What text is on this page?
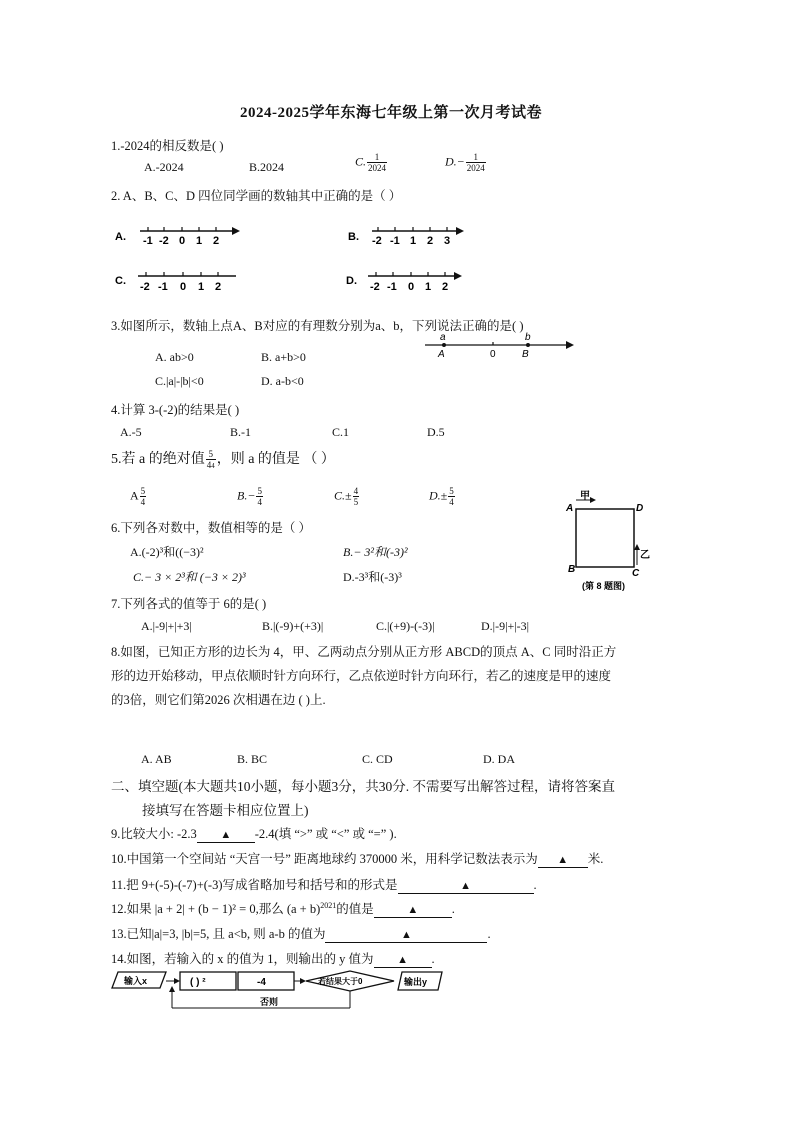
2024-2025学年东海七年级上第一次月考试卷
1.-2024的相反数是( )
A.-2024	B.2024	C. $\frac{1}{2024}$	$D.- \frac{1}{2024}$
2. A、B、C、D 四位同学画的数轴其中正确的是（ ）
A. -1 -2 0 1 2	B. -2 -1 1 2 3
C. -2 -1 0 1 2	D. -2 -1 0 1 2
3.如图所示，数轴上点A、B对应的有理数分别为a、b，下列说法正确的是( )
A. ab>0	B. a+b>0
C.|a|-|b|<0	D. a-b<0
a
A	0
b
B
4.计算 3-(-2)的结果是( )
A.-5	B.-1	C.1	D.5
5.若 a 的绝对值 $\frac{5}{44}$ ，则 a 的值是 （ ）
A $\frac{5}{4}$	$B.- \frac{5}{4}$	$C.\pm \frac{4}{5}$	$D.\pm \frac{5}{4}$	甲
乙
A	D
B	C
(第 8 题图)
6.下列各对数中，数值相等的是（ ）
A.(-2)³和((−3)²	B.− 3²和(-3)²
C.− 3 × 2³和 (−3 × 2)³	D.-3³和(-3)³
7.下列各式的值等于 6的是( )
A.|-9|+|+3|	B.|(-9)+(+3)|	C.|(+9)-(-3)|	D.|-9|+|-3|
8.如图，已知正方形的边长为 4，甲、乙两动点分别从正方形 ABCD的顶点 A、C 同时沿正方
形的边开始移动，甲点依顺时针方向环行，乙点依逆时针方向环行，若乙的速度是甲的速度
的3倍，则它们第2026 次相遇在边 ( )上.
A. AB	B. BC	C. CD	D. DA
二、填空题(本大题共10小题，每小题3分，共30分. 不需要写出解答过程，请将答案直
接填写在答题卡相应位置上)
9.比较大小: -2.3 ▲ -2.4(填 “>” 或 “<” 或 “=” ).
10.中国第一个空间站 “天宫一号” 距离地球约 370000 米，用科学记数法表示为 ▲ 米.
11.把 9+(-5)-(-7)+(-3)写成省略加号和括号和的形式是	▲	.
12.如果 |a + 2| + (b − 1)² = 0,那么 $(a + b)^{2021}$的值是	▲	.
13.已知|a|=3, |b|=5, 且 a<b, 则 a-b 的值为	▲	.
14.如图，若输入的 x 的值为 1，则输出的 y 值为 ▲ .
输入x	( ) ²	-4	若结果大于0	输出y
否则
